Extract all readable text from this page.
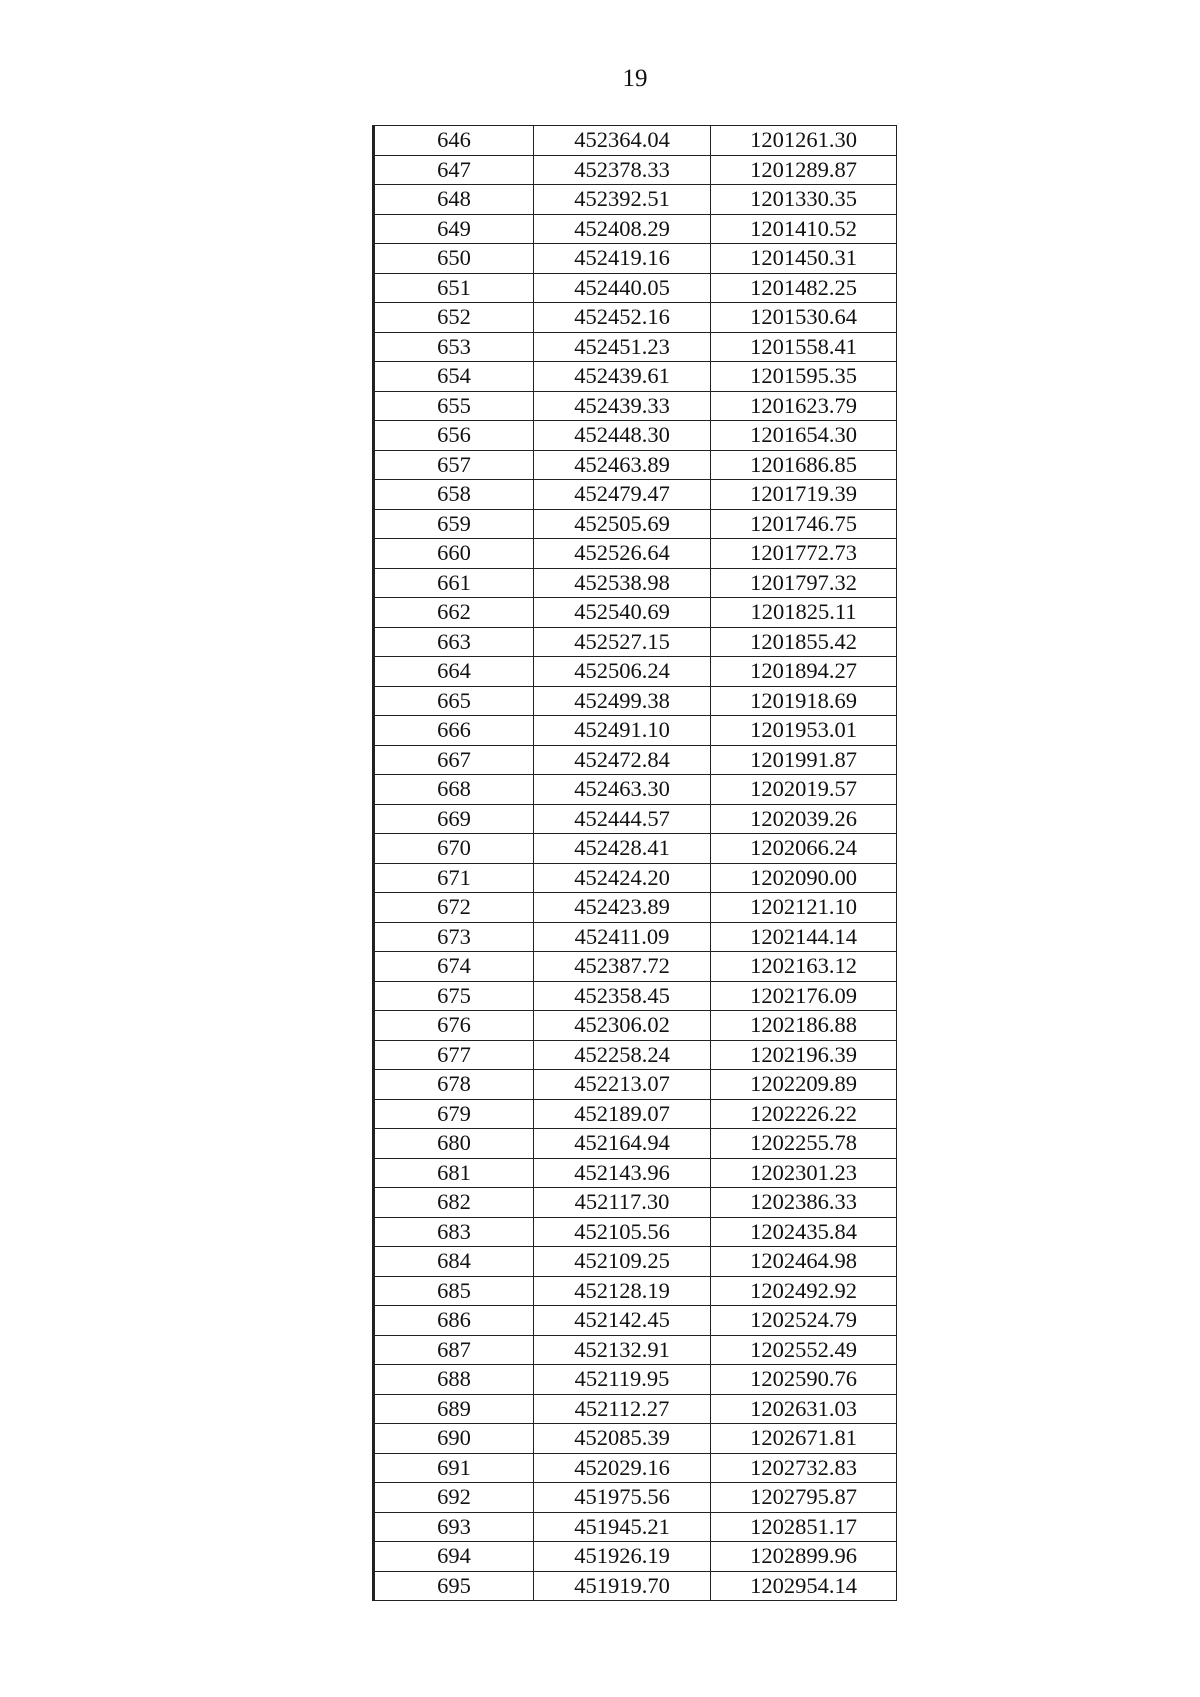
19
646	452364.04	1201261.30
647	452378.33	1201289.87
648	452392.51	1201330.35
649	452408.29	1201410.52
650	452419.16	1201450.31
651	452440.05	1201482.25
652	452452.16	1201530.64
653	452451.23	1201558.41
654	452439.61	1201595.35
655	452439.33	1201623.79
656	452448.30	1201654.30
657	452463.89	1201686.85
658	452479.47	1201719.39
659	452505.69	1201746.75
660	452526.64	1201772.73
661	452538.98	1201797.32
662	452540.69	1201825.11
663	452527.15	1201855.42
664	452506.24	1201894.27
665	452499.38	1201918.69
666	452491.10	1201953.01
667	452472.84	1201991.87
668	452463.30	1202019.57
669	452444.57	1202039.26
670	452428.41	1202066.24
671	452424.20	1202090.00
672	452423.89	1202121.10
673	452411.09	1202144.14
674	452387.72	1202163.12
675	452358.45	1202176.09
676	452306.02	1202186.88
677	452258.24	1202196.39
678	452213.07	1202209.89
679	452189.07	1202226.22
680	452164.94	1202255.78
681	452143.96	1202301.23
682	452117.30	1202386.33
683	452105.56	1202435.84
684	452109.25	1202464.98
685	452128.19	1202492.92
686	452142.45	1202524.79
687	452132.91	1202552.49
688	452119.95	1202590.76
689	452112.27	1202631.03
690	452085.39	1202671.81
691	452029.16	1202732.83
692	451975.56	1202795.87
693	451945.21	1202851.17
694	451926.19	1202899.96
695	451919.70	1202954.14
